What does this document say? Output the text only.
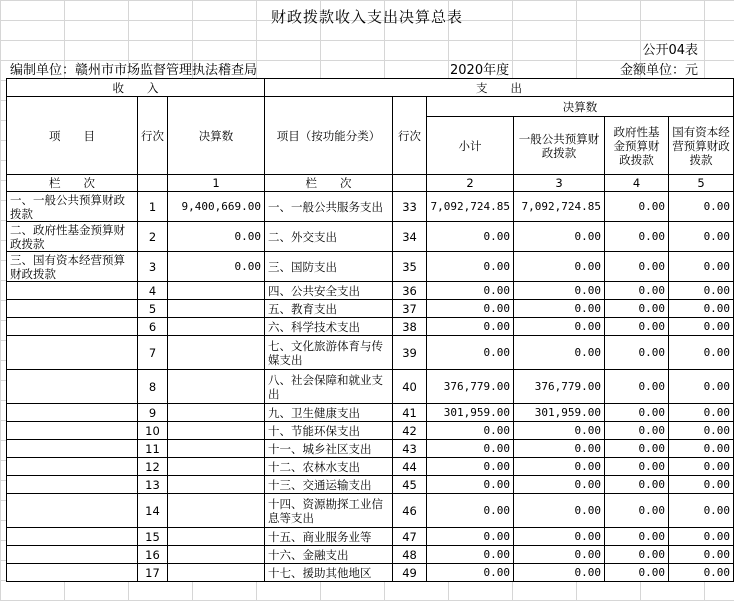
财政拨款收入支出决算总表
公开04表
编制单位：赣州市市场监督管理执法稽查局	2020年度	金额单位：元
收　　入			支　　出					
项　　目	行次	决算数	项目（按功能分类）	行次	决算数			
					小计	一般公共预算财政拨款	政府性基金预算财政拨款	国有资本经营预算财政拨款
栏　　次		1	栏　　次		2	3	4	5
一、一般公共预算财政拨款	1	9,400,669.00	一、一般公共服务支出	33	7,092,724.85	7,092,724.85	0.00	0.00
二、政府性基金预算财政拨款	2	0.00	二、外交支出	34	0.00	0.00	0.00	0.00
三、国有资本经营预算财政拨款	3	0.00	三、国防支出	35	0.00	0.00	0.00	0.00
	4		四、公共安全支出	36	0.00	0.00	0.00	0.00
	5		五、教育支出	37	0.00	0.00	0.00	0.00
	6		六、科学技术支出	38	0.00	0.00	0.00	0.00
	7		七、文化旅游体育与传媒支出	39	0.00	0.00	0.00	0.00
	8		八、社会保障和就业支出	40	376,779.00	376,779.00	0.00	0.00
	9		九、卫生健康支出	41	301,959.00	301,959.00	0.00	0.00
	10		十、节能环保支出	42	0.00	0.00	0.00	0.00
	11		十一、城乡社区支出	43	0.00	0.00	0.00	0.00
	12		十二、农林水支出	44	0.00	0.00	0.00	0.00
	13		十三、交通运输支出	45	0.00	0.00	0.00	0.00
	14		十四、资源勘探工业信息等支出	46	0.00	0.00	0.00	0.00
	15		十五、商业服务业等	47	0.00	0.00	0.00	0.00
	16		十六、金融支出	48	0.00	0.00	0.00	0.00
	17		十七、援助其他地区	49	0.00	0.00	0.00	0.00
